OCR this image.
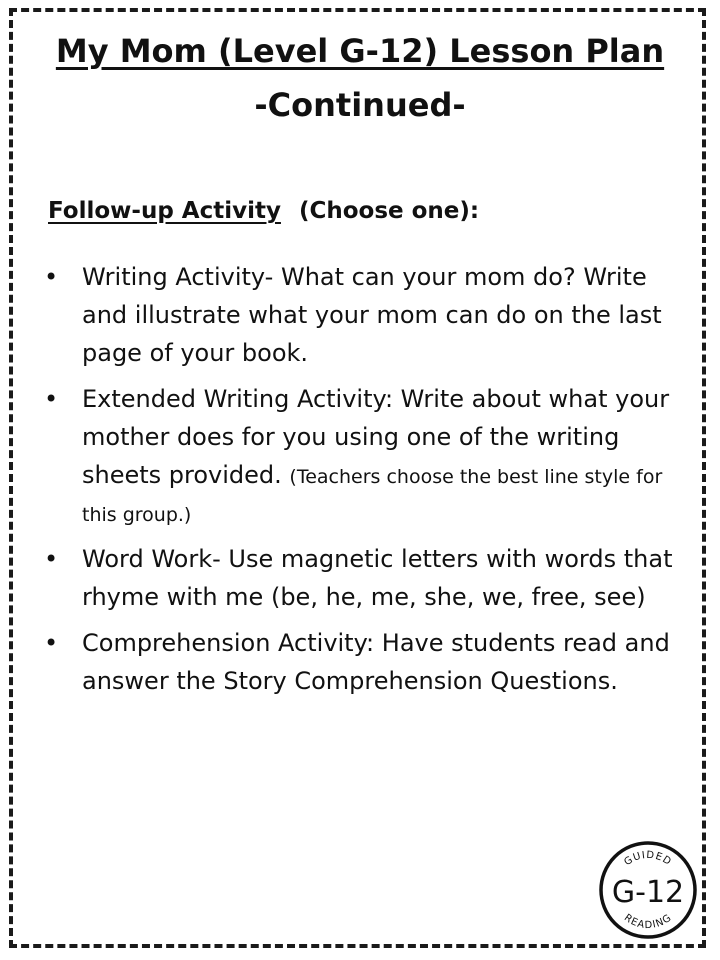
My Mom (Level G-12) Lesson Plan
-Continued-
Follow-up Activity (Choose one):
• Writing Activity- What can your mom do? Write and illustrate what your mom can do on the last page of your book.
• Extended Writing Activity: Write about what your mother does for you using one of the writing sheets provided. (Teachers choose the best line style for this group.)
• Word Work- Use magnetic letters with words that rhyme with me (be, he, me, she, we, free, see)
• Comprehension Activity: Have students read and answer the Story Comprehension Questions.
GUIDED
G-12
READING
